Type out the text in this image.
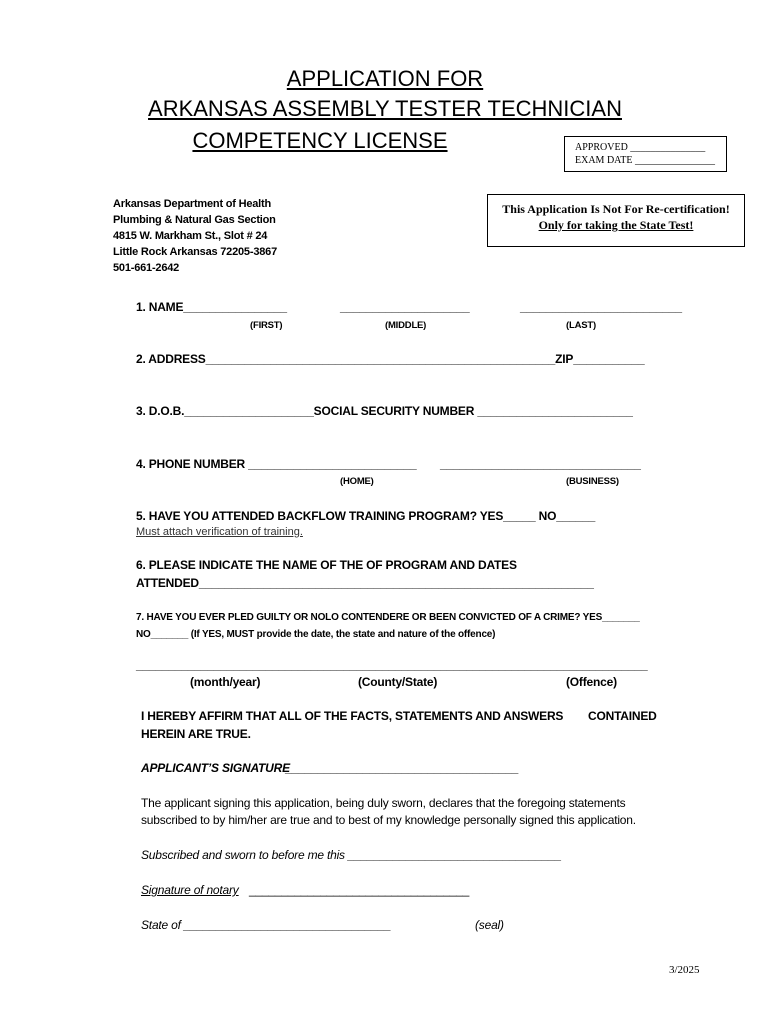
APPLICATION FOR
ARKANSAS ASSEMBLY TESTER TECHNICIAN
COMPETENCY LICENSE	APPROVED _______________
EXAM DATE ________________
Arkansas Department of Health
Plumbing & Natural Gas Section
4815 W. Markham St., Slot # 24
Little Rock Arkansas 72205-3867
501-661-2642
This Application Is Not For Re-certification!
Only for taking the State Test!
1. NAME________________	____________________	_________________________
(FIRST)	(MIDDLE)	(LAST)
2. ADDRESS______________________________________________________ZIP___________
3. D.O.B.____________________SOCIAL SECURITY NUMBER ________________________
4. PHONE NUMBER __________________________ _______________________________
(HOME)	(BUSINESS)
5. HAVE YOU ATTENDED BACKFLOW TRAINING PROGRAM? YES_____ NO______
Must attach verification of training.
6. PLEASE INDICATE THE NAME OF THE OF PROGRAM AND DATES
ATTENDED_____________________________________________________________
7. HAVE YOU EVER PLED GUILTY OR NOLO CONTENDERE OR BEEN CONVICTED OF A CRIME? YES_______
NO_______ (If YES, MUST provide the date, the state and nature of the offence)
_______________________________________________________________________________
(month/year)	(County/State)	(Offence)
I HEREBY AFFIRM THAT ALL OF THE FACTS, STATEMENTS AND ANSWERS CONTAINED
HEREIN ARE TRUE.
APPLICANT’S SIGNATURE
____________________________________
The applicant signing this application, being duly sworn, declares that the foregoing statements
subscribed to by him/her are true and to best of my knowledge personally signed this application.
Subscribed and sworn to before me this _________________________________
Signature of notary __________________________________
State of ________________________________	(seal)
3/2025
